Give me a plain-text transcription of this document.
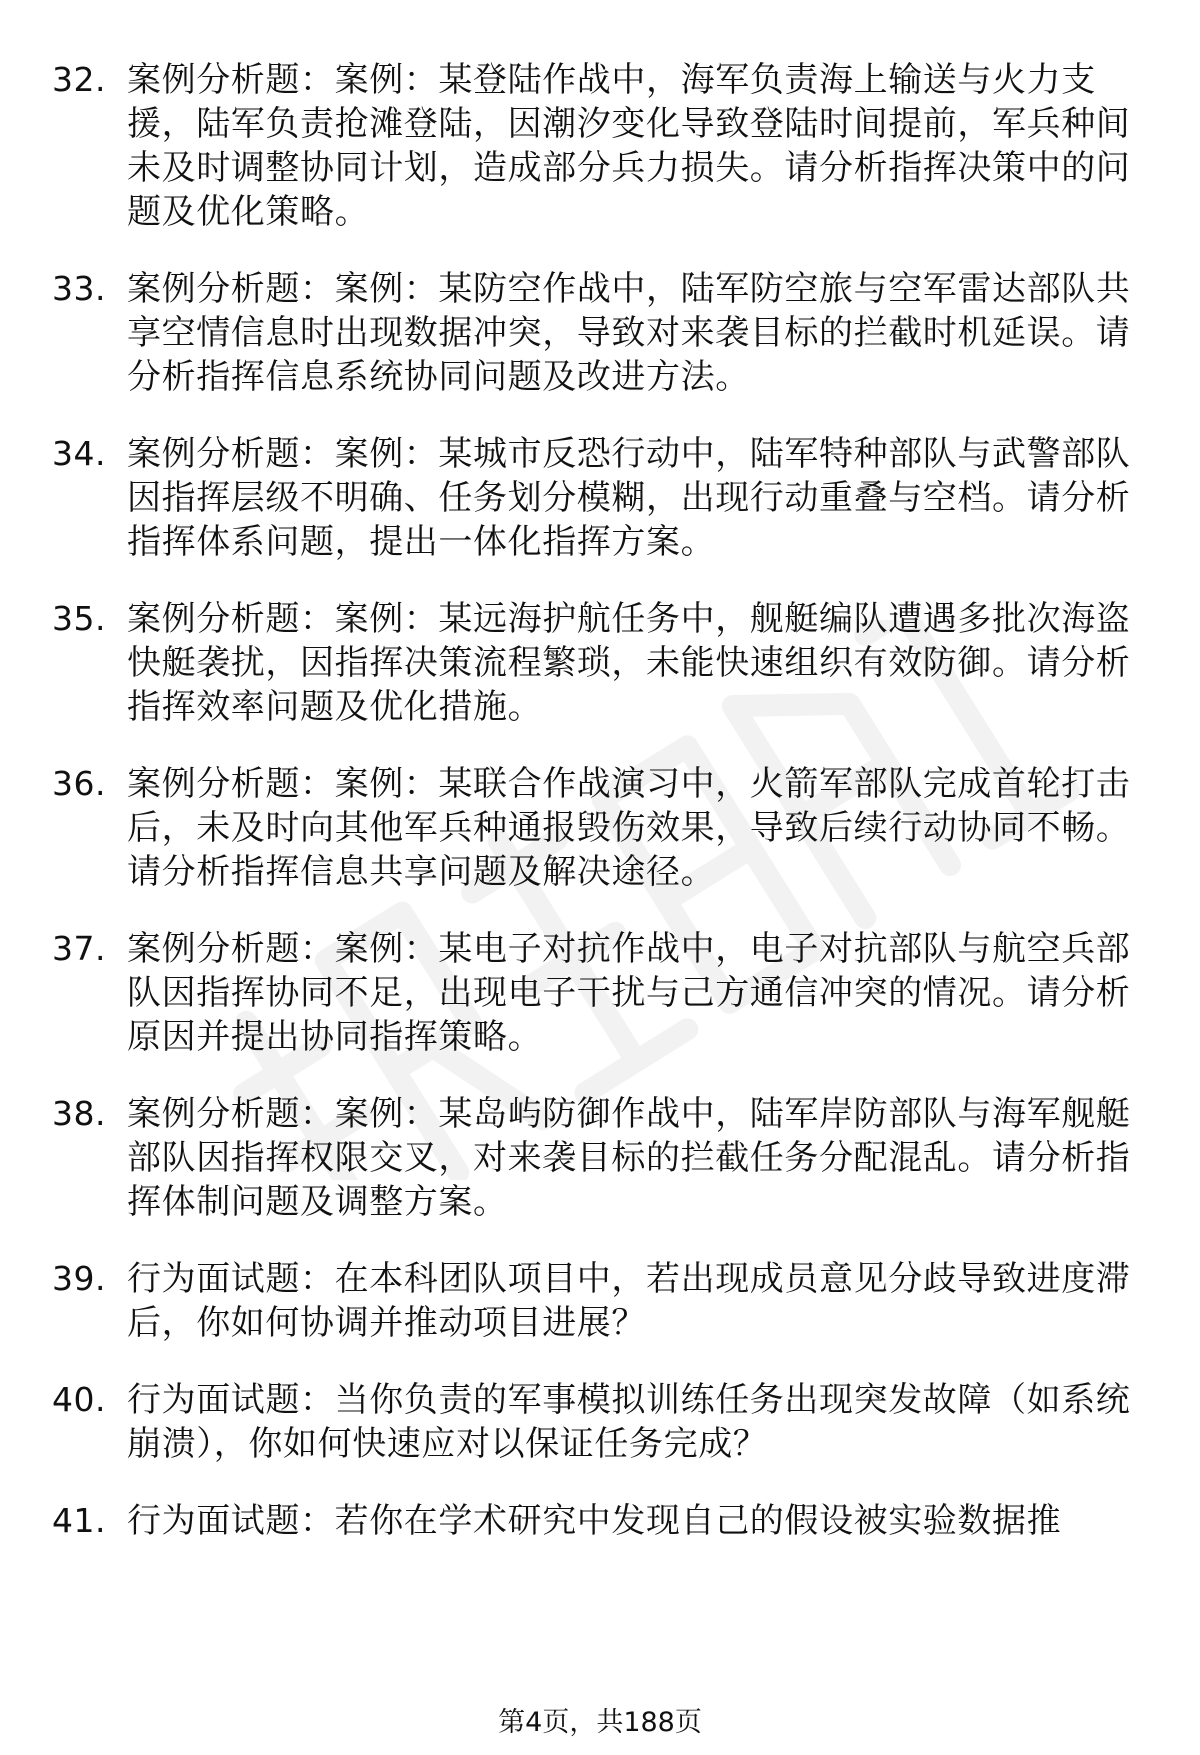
32. 案例分析题：案例：某登陆作战中，海军负责海上输送与火力支援，陆军负责抢滩登陆，因潮汐变化导致登陆时间提前，军兵种间未及时调整协同计划，造成部分兵力损失。请分析指挥决策中的问题及优化策略。
33. 案例分析题：案例：某防空作战中，陆军防空旅与空军雷达部队共享空情信息时出现数据冲突，导致对来袭目标的拦截时机延误。请分析指挥信息系统协同问题及改进方法。
34. 案例分析题：案例：某城市反恐行动中，陆军特种部队与武警部队因指挥层级不明确、任务划分模糊，出现行动重叠与空档。请分析指挥体系问题，提出一体化指挥方案。
35. 案例分析题：案例：某远海护航任务中，舰艇编队遭遇多批次海盗快艇袭扰，因指挥决策流程繁琐，未能快速组织有效防御。请分析指挥效率问题及优化措施。
36. 案例分析题：案例：某联合作战演习中，火箭军部队完成首轮打击后，未及时向其他军兵种通报毁伤效果，导致后续行动协同不畅。请分析指挥信息共享问题及解决途径。
37. 案例分析题：案例：某电子对抗作战中，电子对抗部队与航空兵部队因指挥协同不足，出现电子干扰与己方通信冲突的情况。请分析原因并提出协同指挥策略。
38. 案例分析题：案例：某岛屿防御作战中，陆军岸防部队与海军舰艇部队因指挥权限交叉，对来袭目标的拦截任务分配混乱。请分析指挥体制问题及调整方案。
39. 行为面试题：在本科团队项目中，若出现成员意见分歧导致进度滞后，你如何协调并推动项目进展？
40. 行为面试题：当你负责的军事模拟训练任务出现突发故障（如系统崩溃），你如何快速应对以保证任务完成？
41. 行为面试题：若你在学术研究中发现自己的假设被实验数据推
第4页，共188页
